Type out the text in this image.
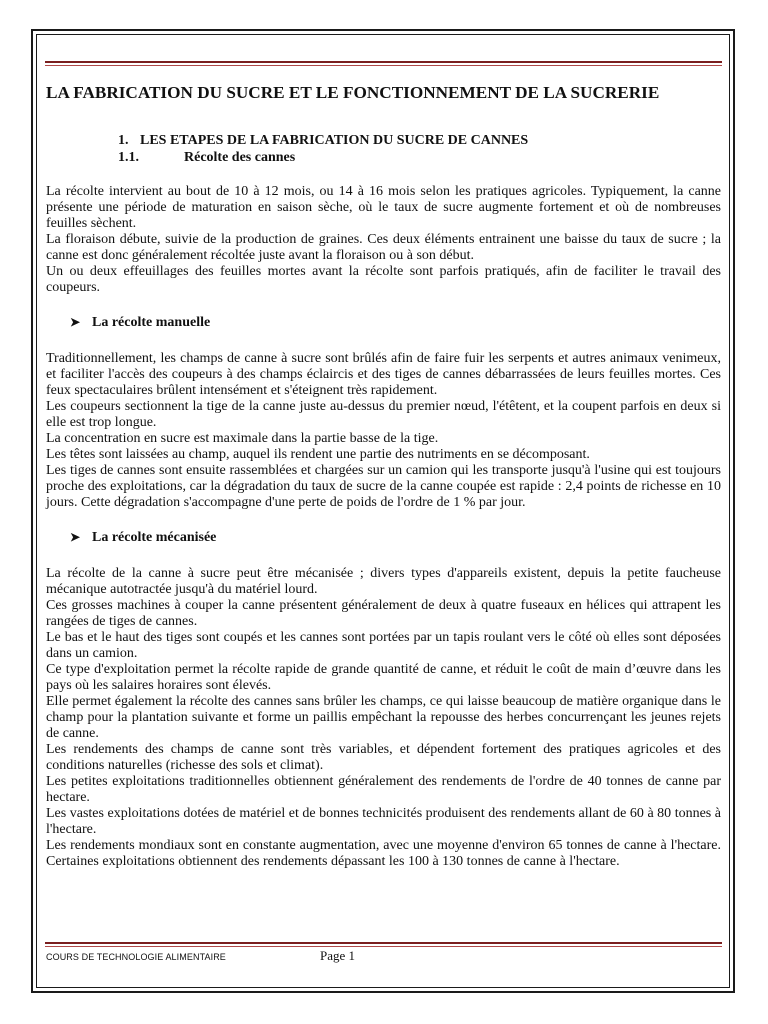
LA FABRICATION DU SUCRE ET LE FONCTIONNEMENT DE LA SUCRERIE
1. LES ETAPES DE LA FABRICATION DU SUCRE DE CANNES
1.1.	Récolte des cannes

La récolte intervient au bout de 10 à 12 mois, ou 14 à 16 mois selon les pratiques agricoles. Typiquement, la canne présente une période de maturation en saison sèche, où le taux de sucre augmente fortement et où de nombreuses feuilles sèchent.

La floraison débute, suivie de la production de graines. Ces deux éléments entrainent une baisse du taux de sucre ; la canne est donc généralement récoltée juste avant la floraison ou à son début.

Un ou deux effeuillages des feuilles mortes avant la récolte sont parfois pratiqués, afin de faciliter le travail des coupeurs.

➤ La récolte manuelle

Traditionnellement, les champs de canne à sucre sont brûlés afin de faire fuir les serpents et autres animaux venimeux, et faciliter l'accès des coupeurs à des champs éclaircis et des tiges de cannes débarrassées de leurs feuilles mortes. Ces feux spectaculaires brûlent intensément et s'éteignent très rapidement.

Les coupeurs sectionnent la tige de la canne juste au-dessus du premier nœud, l'étêtent, et la coupent parfois en deux si elle est trop longue.

La concentration en sucre est maximale dans la partie basse de la tige.

Les têtes sont laissées au champ, auquel ils rendent une partie des nutriments en se décomposant.

Les tiges de cannes sont ensuite rassemblées et chargées sur un camion qui les transporte jusqu'à l'usine qui est toujours proche des exploitations, car la dégradation du taux de sucre de la canne coupée est rapide : 2,4 points de richesse en 10 jours. Cette dégradation s'accompagne d'une perte de poids de l'ordre de 1 % par jour.

➤ La récolte mécanisée

La récolte de la canne à sucre peut être mécanisée ; divers types d'appareils existent, depuis la petite faucheuse mécanique autotractée jusqu'à du matériel lourd.

Ces grosses machines à couper la canne présentent généralement de deux à quatre fuseaux en hélices qui attrapent les rangées de tiges de cannes.

Le bas et le haut des tiges sont coupés et les cannes sont portées par un tapis roulant vers le côté où elles sont déposées dans un camion.

Ce type d'exploitation permet la récolte rapide de grande quantité de canne, et réduit le coût de main d’œuvre dans les pays où les salaires horaires sont élevés.

Elle permet également la récolte des cannes sans brûler les champs, ce qui laisse beaucoup de matière organique dans le champ pour la plantation suivante et forme un paillis empêchant la repousse des herbes concurrençant les jeunes rejets de canne.

Les rendements des champs de canne sont très variables, et dépendent fortement des pratiques agricoles et des conditions naturelles (richesse des sols et climat).

Les petites exploitations traditionnelles obtiennent généralement des rendements de l'ordre de 40 tonnes de canne par hectare.

Les vastes exploitations dotées de matériel et de bonnes technicités produisent des rendements allant de 60 à 80 tonnes à l'hectare.

Les rendements mondiaux sont en constante augmentation, avec une moyenne d'environ 65 tonnes de canne à l'hectare. Certaines exploitations obtiennent des rendements dépassant les 100 à 130 tonnes de canne à l'hectare.

COURS DE TECHNOLOGIE ALIMENTAIRE	Page 1
